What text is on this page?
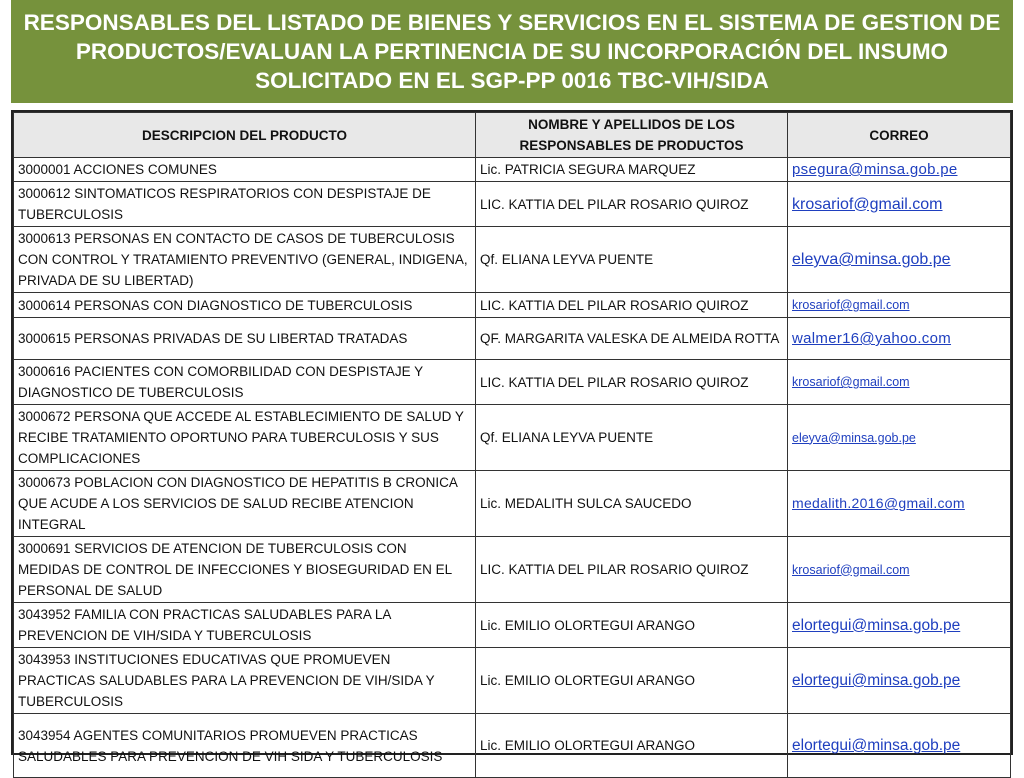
RESPONSABLES DEL LISTADO DE BIENES Y SERVICIOS EN EL SISTEMA DE GESTION DE PRODUCTOS/EVALUAN LA PERTINENCIA DE SU INCORPORACIÓN DEL INSUMO SOLICITADO EN EL SGP-PP 0016 TBC-VIH/SIDA
DESCRIPCION DEL PRODUCTO	NOMBRE Y APELLIDOS DE LOS RESPONSABLES DE PRODUCTOS	CORREO
3000001 ACCIONES COMUNES	Lic. PATRICIA SEGURA MARQUEZ	psegura@minsa.gob.pe
3000612 SINTOMATICOS RESPIRATORIOS CON DESPISTAJE DE TUBERCULOSIS	LIC. KATTIA DEL PILAR ROSARIO QUIROZ	krosariof@gmail.com
3000613 PERSONAS EN CONTACTO DE CASOS DE TUBERCULOSIS CON CONTROL Y TRATAMIENTO PREVENTIVO (GENERAL, INDIGENA, PRIVADA DE SU LIBERTAD)	Qf. ELIANA LEYVA PUENTE	eleyva@minsa.gob.pe
3000614 PERSONAS CON DIAGNOSTICO DE TUBERCULOSIS	LIC. KATTIA DEL PILAR ROSARIO QUIROZ	krosariof@gmail.com
3000615 PERSONAS PRIVADAS DE SU LIBERTAD TRATADAS	QF. MARGARITA VALESKA DE ALMEIDA ROTTA	walmer16@yahoo.com
3000616 PACIENTES CON COMORBILIDAD CON DESPISTAJE Y DIAGNOSTICO DE TUBERCULOSIS	LIC. KATTIA DEL PILAR ROSARIO QUIROZ	krosariof@gmail.com
3000672 PERSONA QUE ACCEDE AL ESTABLECIMIENTO DE SALUD Y RECIBE TRATAMIENTO OPORTUNO PARA TUBERCULOSIS Y SUS COMPLICACIONES	Qf. ELIANA LEYVA PUENTE	eleyva@minsa.gob.pe
3000673 POBLACION CON DIAGNOSTICO DE HEPATITIS B CRONICA QUE ACUDE A LOS SERVICIOS DE SALUD RECIBE ATENCION INTEGRAL	Lic. MEDALITH SULCA SAUCEDO	medalith.2016@gmail.com
3000691 SERVICIOS DE ATENCION DE TUBERCULOSIS CON MEDIDAS DE CONTROL DE INFECCIONES Y BIOSEGURIDAD EN EL PERSONAL DE SALUD	LIC. KATTIA DEL PILAR ROSARIO QUIROZ	krosariof@gmail.com
3043952 FAMILIA CON PRACTICAS SALUDABLES PARA LA PREVENCION DE VIH/SIDA Y TUBERCULOSIS	Lic. EMILIO OLORTEGUI ARANGO	elortegui@minsa.gob.pe
3043953 INSTITUCIONES EDUCATIVAS QUE PROMUEVEN PRACTICAS SALUDABLES PARA LA PREVENCION DE VIH/SIDA Y TUBERCULOSIS	Lic. EMILIO OLORTEGUI ARANGO	elortegui@minsa.gob.pe
3043954 AGENTES COMUNITARIOS PROMUEVEN PRACTICAS SALUDABLES PARA PREVENCION DE VIH SIDA Y TUBERCULOSIS	Lic. EMILIO OLORTEGUI ARANGO	elortegui@minsa.gob.pe
